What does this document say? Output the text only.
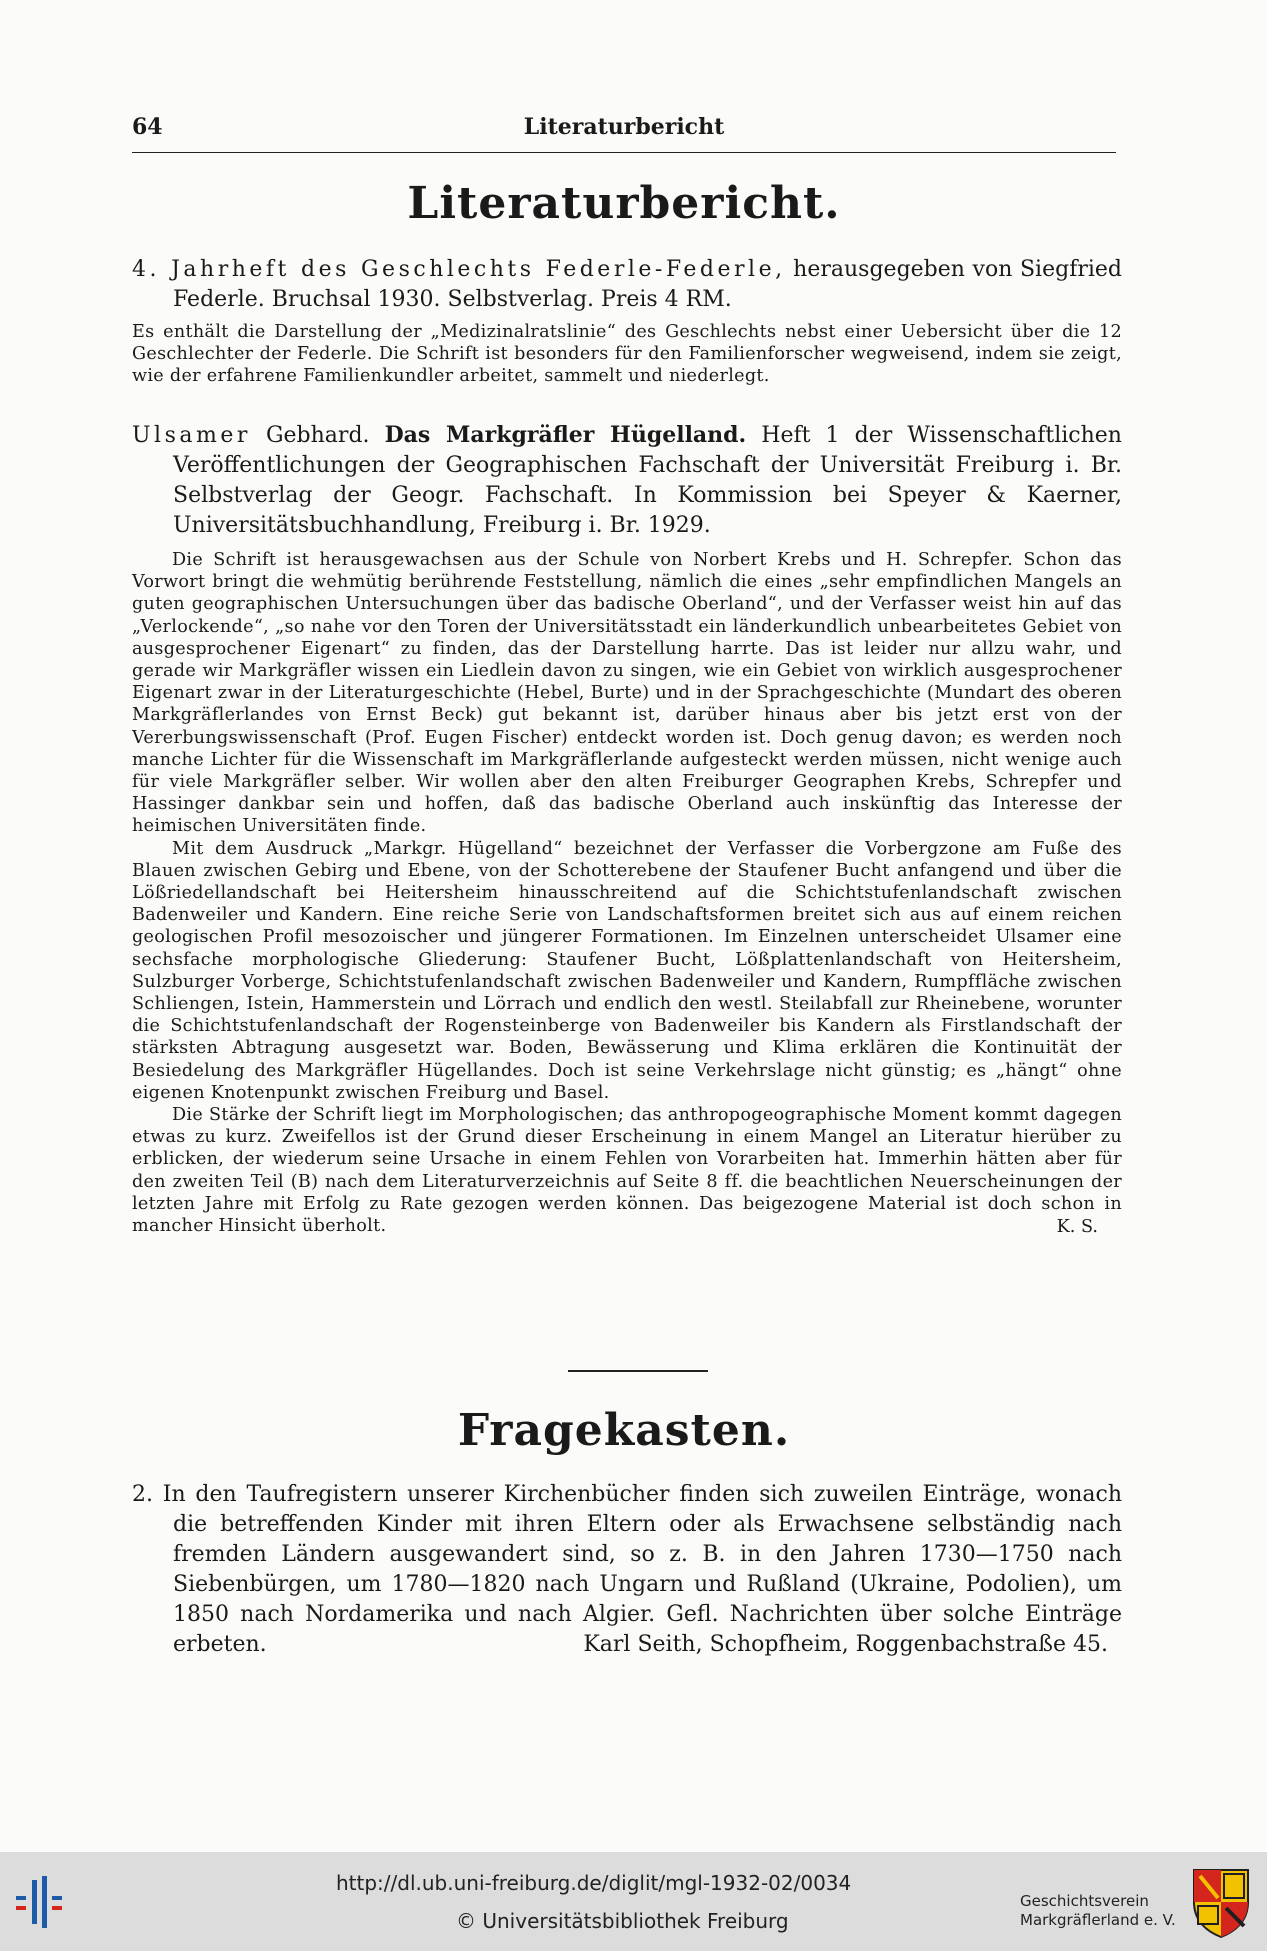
64	Literaturbericht
Literaturbericht.

4. Jahrheft des Geschlechts Federle-Federle, herausgegeben von Siegfried Federle. Bruchsal 1930. Selbstverlag. Preis 4 RM.

Es enthält die Darstellung der „Medizinalratslinie“ des Geschlechts nebst einer Uebersicht über die 12 Geschlechter der Federle. Die Schrift ist besonders für den Familienforscher wegweisend, indem sie zeigt, wie der erfahrene Familienkundler arbeitet, sammelt und niederlegt.

Ulsamer Gebhard. Das Markgräfler Hügelland. Heft 1 der Wissenschaftlichen Veröffentlichungen der Geographischen Fachschaft der Universität Freiburg i. Br. Selbstverlag der Geogr. Fachschaft. In Kommission bei Speyer & Kaerner, Universitätsbuchhandlung, Freiburg i. Br. 1929.

Die Schrift ist herausgewachsen aus der Schule von Norbert Krebs und H. Schrepfer. Schon das Vorwort bringt die wehmütig berührende Feststellung, nämlich die eines „sehr empfindlichen Mangels an guten geographischen Untersuchungen über das badische Oberland“, und der Verfasser weist hin auf das „Verlockende“, „so nahe vor den Toren der Universitätsstadt ein länderkundlich unbearbeitetes Gebiet von ausgesprochener Eigenart“ zu finden, das der Darstellung harrte. Das ist leider nur allzu wahr, und gerade wir Markgräfler wissen ein Liedlein davon zu singen, wie ein Gebiet von wirklich ausgesprochener Eigenart zwar in der Literaturgeschichte (Hebel, Burte) und in der Sprachgeschichte (Mundart des oberen Markgräflerlandes von Ernst Beck) gut bekannt ist, darüber hinaus aber bis jetzt erst von der Vererbungswissenschaft (Prof. Eugen Fischer) entdeckt worden ist. Doch genug davon; es werden noch manche Lichter für die Wissenschaft im Markgräflerlande aufgesteckt werden müssen, nicht wenige auch für viele Markgräfler selber. Wir wollen aber den alten Freiburger Geographen Krebs, Schrepfer und Hassinger dankbar sein und hoffen, daß das badische Oberland auch inskünftig das Interesse der heimischen Universitäten finde.

Mit dem Ausdruck „Markgr. Hügelland“ bezeichnet der Verfasser die Vorbergzone am Fuße des Blauen zwischen Gebirg und Ebene, von der Schotterebene der Staufener Bucht anfangend und über die Lößriedellandschaft bei Heitersheim hinausschreitend auf die Schichtstufenlandschaft zwischen Badenweiler und Kandern. Eine reiche Serie von Landschaftsformen breitet sich aus auf einem reichen geologischen Profil mesozoischer und jüngerer Formationen. Im Einzelnen unterscheidet Ulsamer eine sechsfache morphologische Gliederung: Staufener Bucht, Lößplattenlandschaft von Heitersheim, Sulzburger Vorberge, Schichtstufenlandschaft zwischen Badenweiler und Kandern, Rumpffläche zwischen Schliengen, Istein, Hammerstein und Lörrach und endlich den westl. Steilabfall zur Rheinebene, worunter die Schichtstufenlandschaft der Rogensteinberge von Badenweiler bis Kandern als Firstlandschaft der stärksten Abtragung ausgesetzt war. Boden, Bewässerung und Klima erklären die Kontinuität der Besiedelung des Markgräfler Hügellandes. Doch ist seine Verkehrslage nicht günstig; es „hängt“ ohne eigenen Knotenpunkt zwischen Freiburg und Basel.

Die Stärke der Schrift liegt im Morphologischen; das anthropogeographische Moment kommt dagegen etwas zu kurz. Zweifellos ist der Grund dieser Erscheinung in einem Mangel an Literatur hierüber zu erblicken, der wiederum seine Ursache in einem Fehlen von Vorarbeiten hat. Immerhin hätten aber für den zweiten Teil (B) nach dem Literaturverzeichnis auf Seite 8 ff. die beachtlichen Neuerscheinungen der letzten Jahre mit Erfolg zu Rate gezogen werden können. Das beigezogene Material ist doch schon in mancher Hinsicht überholt.	K. S.
Fragekasten.

2. In den Taufregistern unserer Kirchenbücher finden sich zuweilen Einträge, wonach die betreffenden Kinder mit ihren Eltern oder als Erwachsene selbständig nach fremden Ländern ausgewandert sind, so z. B. in den Jahren 1730—1750 nach Siebenbürgen, um 1780—1820 nach Ungarn und Rußland (Ukraine, Podolien), um 1850 nach Nordamerika und nach Algier. Gefl. Nachrichten über solche Einträge erbeten.	Karl Seith, Schopfheim, Roggenbachstraße 45.

http://dl.ub.uni-freiburg.de/diglit/mgl-1932-02/0034
© Universitätsbibliothek Freiburg
Geschichtsverein
Markgräflerland e. V.
